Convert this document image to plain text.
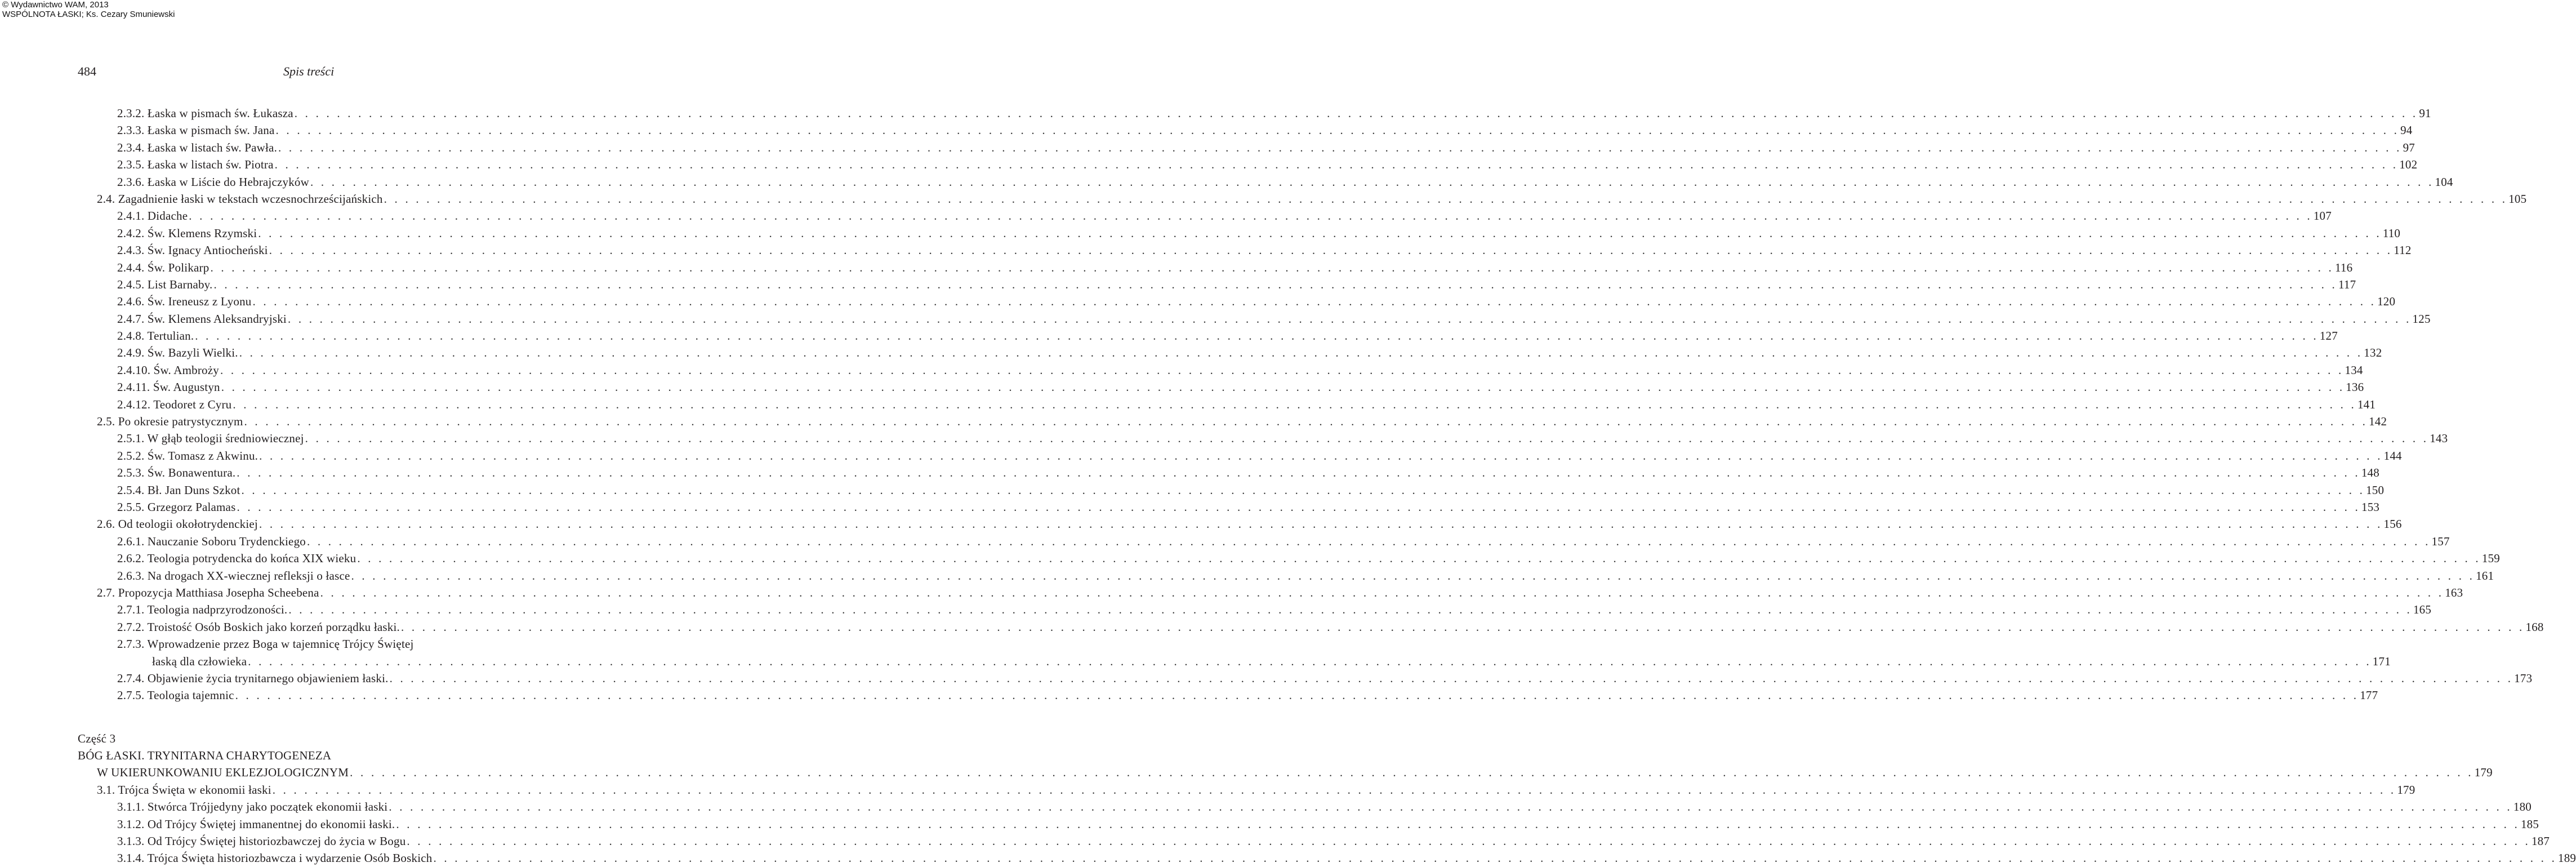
© Wydawnictwo WAM, 2013
WSPÓLNOTA ŁASKI; Ks. Cezary Smuniewski
484	Spis treści
2.3.2. Łaska w pismach św. Łukasza . . . . . . . . . . . . . . . . . . . . . . . . . . . . . . . . . . . . . . . . . . . . . . . . . . . . . . . . . . . . . . . . . . . . . . . . . . . . . . . . . . . . . . . . . . . . . . . . . . . . . . . . . . . . . . . . . . . . . . . . . . . . . . . . . . . . . . . . . . . . . . . . . . . . . . . . . . . . . . . . . . . . . . . . . . . . . . . . . . . . . . . . . . . . . . . . . . . . . . . . 91
2.3.3. Łaska w pismach św. Jana . . . . . . . . . . . . . . . . . . . . . . . . . . . . . . . . . . . . . . . . . . . . . . . . . . . . . . . . . . . . . . . . . . . . . . . . . . . . . . . . . . . . . . . . . . . . . . . . . . . . . . . . . . . . . . . . . . . . . . . . . . . . . . . . . . . . . . . . . . . . . . . . . . . . . . . . . . . . . . . . . . . . . . . . . . . . . . . . . . . . . . . . . . . . . . . . . . . . . . . . 94
2.3.4. Łaska w listach św. Pawła. . . . . . . . . . . . . . . . . . . . . . . . . . . . . . . . . . . . . . . . . . . . . . . . . . . . . . . . . . . . . . . . . . . . . . . . . . . . . . . . . . . . . . . . . . . . . . . . . . . . . . . . . . . . . . . . . . . . . . . . . . . . . . . . . . . . . . . . . . . . . . . . . . . . . . . . . . . . . . . . . . . . . . . . . . . . . . . . . . . . . . . . . . . . . . . . . . . . . . . . . 97
2.3.5. Łaska w listach św. Piotra . . . . . . . . . . . . . . . . . . . . . . . . . . . . . . . . . . . . . . . . . . . . . . . . . . . . . . . . . . . . . . . . . . . . . . . . . . . . . . . . . . . . . . . . . . . . . . . . . . . . . . . . . . . . . . . . . . . . . . . . . . . . . . . . . . . . . . . . . . . . . . . . . . . . . . . . . . . . . . . . . . . . . . . . . . . . . . . . . . . . . . . . . . . . . . . . . . . . . . . . 102
2.3.6. Łaska w Liście do Hebrajczyków . . . . . . . . . . . . . . . . . . . . . . . . . . . . . . . . . . . . . . . . . . . . . . . . . . . . . . . . . . . . . . . . . . . . . . . . . . . . . . . . . . . . . . . . . . . . . . . . . . . . . . . . . . . . . . . . . . . . . . . . . . . . . . . . . . . . . . . . . . . . . . . . . . . . . . . . . . . . . . . . . . . . . . . . . . . . . . . . . . . . . . . . . . . . . . . . . . . . . . . . 104
2.4. Zagadnienie łaski w tekstach wczesnochrześcijańskich . . . . . . . . . . . . . . . . . . . . . . . . . . . . . . . . . . . . . . . . . . . . . . . . . . . . . . . . . . . . . . . . . . . . . . . . . . . . . . . . . . . . . . . . . . . . . . . . . . . . . . . . . . . . . . . . . . . . . . . . . . . . . . . . . . . . . . . . . . . . . . . . . . . . . . . . . . . . . . . . . . . . . . . . . . . . . . . . . . . . . . . . . . . . . . . . . . . . . . . . 105
2.4.1. Didache . . . . . . . . . . . . . . . . . . . . . . . . . . . . . . . . . . . . . . . . . . . . . . . . . . . . . . . . . . . . . . . . . . . . . . . . . . . . . . . . . . . . . . . . . . . . . . . . . . . . . . . . . . . . . . . . . . . . . . . . . . . . . . . . . . . . . . . . . . . . . . . . . . . . . . . . . . . . . . . . . . . . . . . . . . . . . . . . . . . . . . . . . . . . . . . . . . . . . . . . 107
2.4.2. Św. Klemens Rzymski . . . . . . . . . . . . . . . . . . . . . . . . . . . . . . . . . . . . . . . . . . . . . . . . . . . . . . . . . . . . . . . . . . . . . . . . . . . . . . . . . . . . . . . . . . . . . . . . . . . . . . . . . . . . . . . . . . . . . . . . . . . . . . . . . . . . . . . . . . . . . . . . . . . . . . . . . . . . . . . . . . . . . . . . . . . . . . . . . . . . . . . . . . . . . . . . . . . . . . . . 110
2.4.3. Św. Ignacy Antiocheński . . . . . . . . . . . . . . . . . . . . . . . . . . . . . . . . . . . . . . . . . . . . . . . . . . . . . . . . . . . . . . . . . . . . . . . . . . . . . . . . . . . . . . . . . . . . . . . . . . . . . . . . . . . . . . . . . . . . . . . . . . . . . . . . . . . . . . . . . . . . . . . . . . . . . . . . . . . . . . . . . . . . . . . . . . . . . . . . . . . . . . . . . . . . . . . . . . . . . . . . 112
2.4.4. Św. Polikarp . . . . . . . . . . . . . . . . . . . . . . . . . . . . . . . . . . . . . . . . . . . . . . . . . . . . . . . . . . . . . . . . . . . . . . . . . . . . . . . . . . . . . . . . . . . . . . . . . . . . . . . . . . . . . . . . . . . . . . . . . . . . . . . . . . . . . . . . . . . . . . . . . . . . . . . . . . . . . . . . . . . . . . . . . . . . . . . . . . . . . . . . . . . . . . . . . . . . . . . . 116
2.4.5. List Barnaby. . . . . . . . . . . . . . . . . . . . . . . . . . . . . . . . . . . . . . . . . . . . . . . . . . . . . . . . . . . . . . . . . . . . . . . . . . . . . . . . . . . . . . . . . . . . . . . . . . . . . . . . . . . . . . . . . . . . . . . . . . . . . . . . . . . . . . . . . . . . . . . . . . . . . . . . . . . . . . . . . . . . . . . . . . . . . . . . . . . . . . . . . . . . . . . . . . . . . . . . . 117
2.4.6. Św. Ireneusz z Lyonu . . . . . . . . . . . . . . . . . . . . . . . . . . . . . . . . . . . . . . . . . . . . . . . . . . . . . . . . . . . . . . . . . . . . . . . . . . . . . . . . . . . . . . . . . . . . . . . . . . . . . . . . . . . . . . . . . . . . . . . . . . . . . . . . . . . . . . . . . . . . . . . . . . . . . . . . . . . . . . . . . . . . . . . . . . . . . . . . . . . . . . . . . . . . . . . . . . . . . . . . 120
2.4.7. Św. Klemens Aleksandryjski . . . . . . . . . . . . . . . . . . . . . . . . . . . . . . . . . . . . . . . . . . . . . . . . . . . . . . . . . . . . . . . . . . . . . . . . . . . . . . . . . . . . . . . . . . . . . . . . . . . . . . . . . . . . . . . . . . . . . . . . . . . . . . . . . . . . . . . . . . . . . . . . . . . . . . . . . . . . . . . . . . . . . . . . . . . . . . . . . . . . . . . . . . . . . . . . . . . . . . . . 125
2.4.8. Tertulian. . . . . . . . . . . . . . . . . . . . . . . . . . . . . . . . . . . . . . . . . . . . . . . . . . . . . . . . . . . . . . . . . . . . . . . . . . . . . . . . . . . . . . . . . . . . . . . . . . . . . . . . . . . . . . . . . . . . . . . . . . . . . . . . . . . . . . . . . . . . . . . . . . . . . . . . . . . . . . . . . . . . . . . . . . . . . . . . . . . . . . . . . . . . . . . . . . . . . . . . . 127
2.4.9. Św. Bazyli Wielki. . . . . . . . . . . . . . . . . . . . . . . . . . . . . . . . . . . . . . . . . . . . . . . . . . . . . . . . . . . . . . . . . . . . . . . . . . . . . . . . . . . . . . . . . . . . . . . . . . . . . . . . . . . . . . . . . . . . . . . . . . . . . . . . . . . . . . . . . . . . . . . . . . . . . . . . . . . . . . . . . . . . . . . . . . . . . . . . . . . . . . . . . . . . . . . . . . . . . . . . . 132
2.4.10. Św. Ambroży . . . . . . . . . . . . . . . . . . . . . . . . . . . . . . . . . . . . . . . . . . . . . . . . . . . . . . . . . . . . . . . . . . . . . . . . . . . . . . . . . . . . . . . . . . . . . . . . . . . . . . . . . . . . . . . . . . . . . . . . . . . . . . . . . . . . . . . . . . . . . . . . . . . . . . . . . . . . . . . . . . . . . . . . . . . . . . . . . . . . . . . . . . . . . . . . . . . . . . . . 134
2.4.11. Św. Augustyn . . . . . . . . . . . . . . . . . . . . . . . . . . . . . . . . . . . . . . . . . . . . . . . . . . . . . . . . . . . . . . . . . . . . . . . . . . . . . . . . . . . . . . . . . . . . . . . . . . . . . . . . . . . . . . . . . . . . . . . . . . . . . . . . . . . . . . . . . . . . . . . . . . . . . . . . . . . . . . . . . . . . . . . . . . . . . . . . . . . . . . . . . . . . . . . . . . . . . . . . 136
2.4.12. Teodoret z Cyru . . . . . . . . . . . . . . . . . . . . . . . . . . . . . . . . . . . . . . . . . . . . . . . . . . . . . . . . . . . . . . . . . . . . . . . . . . . . . . . . . . . . . . . . . . . . . . . . . . . . . . . . . . . . . . . . . . . . . . . . . . . . . . . . . . . . . . . . . . . . . . . . . . . . . . . . . . . . . . . . . . . . . . . . . . . . . . . . . . . . . . . . . . . . . . . . . . . . . . . . 141
2.5. Po okresie patrystycznym . . . . . . . . . . . . . . . . . . . . . . . . . . . . . . . . . . . . . . . . . . . . . . . . . . . . . . . . . . . . . . . . . . . . . . . . . . . . . . . . . . . . . . . . . . . . . . . . . . . . . . . . . . . . . . . . . . . . . . . . . . . . . . . . . . . . . . . . . . . . . . . . . . . . . . . . . . . . . . . . . . . . . . . . . . . . . . . . . . . . . . . . . . . . . . . . . . . . . . . . 142
2.5.1. W głąb teologii średniowiecznej . . . . . . . . . . . . . . . . . . . . . . . . . . . . . . . . . . . . . . . . . . . . . . . . . . . . . . . . . . . . . . . . . . . . . . . . . . . . . . . . . . . . . . . . . . . . . . . . . . . . . . . . . . . . . . . . . . . . . . . . . . . . . . . . . . . . . . . . . . . . . . . . . . . . . . . . . . . . . . . . . . . . . . . . . . . . . . . . . . . . . . . . . . . . . . . . . . . . . . . . 143
2.5.2. Św. Tomasz z Akwinu. . . . . . . . . . . . . . . . . . . . . . . . . . . . . . . . . . . . . . . . . . . . . . . . . . . . . . . . . . . . . . . . . . . . . . . . . . . . . . . . . . . . . . . . . . . . . . . . . . . . . . . . . . . . . . . . . . . . . . . . . . . . . . . . . . . . . . . . . . . . . . . . . . . . . . . . . . . . . . . . . . . . . . . . . . . . . . . . . . . . . . . . . . . . . . . . . . . . . . . . . 144
2.5.3. Św. Bonawentura. . . . . . . . . . . . . . . . . . . . . . . . . . . . . . . . . . . . . . . . . . . . . . . . . . . . . . . . . . . . . . . . . . . . . . . . . . . . . . . . . . . . . . . . . . . . . . . . . . . . . . . . . . . . . . . . . . . . . . . . . . . . . . . . . . . . . . . . . . . . . . . . . . . . . . . . . . . . . . . . . . . . . . . . . . . . . . . . . . . . . . . . . . . . . . . . . . . . . . . . . 148
2.5.4. Bł. Jan Duns Szkot . . . . . . . . . . . . . . . . . . . . . . . . . . . . . . . . . . . . . . . . . . . . . . . . . . . . . . . . . . . . . . . . . . . . . . . . . . . . . . . . . . . . . . . . . . . . . . . . . . . . . . . . . . . . . . . . . . . . . . . . . . . . . . . . . . . . . . . . . . . . . . . . . . . . . . . . . . . . . . . . . . . . . . . . . . . . . . . . . . . . . . . . . . . . . . . . . . . . . . . . 150
2.5.5. Grzegorz Palamas . . . . . . . . . . . . . . . . . . . . . . . . . . . . . . . . . . . . . . . . . . . . . . . . . . . . . . . . . . . . . . . . . . . . . . . . . . . . . . . . . . . . . . . . . . . . . . . . . . . . . . . . . . . . . . . . . . . . . . . . . . . . . . . . . . . . . . . . . . . . . . . . . . . . . . . . . . . . . . . . . . . . . . . . . . . . . . . . . . . . . . . . . . . . . . . . . . . . . . . . 153
2.6. Od teologii okołotrydenckiej . . . . . . . . . . . . . . . . . . . . . . . . . . . . . . . . . . . . . . . . . . . . . . . . . . . . . . . . . . . . . . . . . . . . . . . . . . . . . . . . . . . . . . . . . . . . . . . . . . . . . . . . . . . . . . . . . . . . . . . . . . . . . . . . . . . . . . . . . . . . . . . . . . . . . . . . . . . . . . . . . . . . . . . . . . . . . . . . . . . . . . . . . . . . . . . . . . . . . . . . 156
2.6.1. Nauczanie Soboru Trydenckiego . . . . . . . . . . . . . . . . . . . . . . . . . . . . . . . . . . . . . . . . . . . . . . . . . . . . . . . . . . . . . . . . . . . . . . . . . . . . . . . . . . . . . . . . . . . . . . . . . . . . . . . . . . . . . . . . . . . . . . . . . . . . . . . . . . . . . . . . . . . . . . . . . . . . . . . . . . . . . . . . . . . . . . . . . . . . . . . . . . . . . . . . . . . . . . . . . . . . . . . . 157
2.6.2. Teologia potrydencka do końca XIX wieku . . . . . . . . . . . . . . . . . . . . . . . . . . . . . . . . . . . . . . . . . . . . . . . . . . . . . . . . . . . . . . . . . . . . . . . . . . . . . . . . . . . . . . . . . . . . . . . . . . . . . . . . . . . . . . . . . . . . . . . . . . . . . . . . . . . . . . . . . . . . . . . . . . . . . . . . . . . . . . . . . . . . . . . . . . . . . . . . . . . . . . . . . . . . . . . . . . . . . . . . 159
2.6.3. Na drogach XX-wiecznej refleksji o łasce . . . . . . . . . . . . . . . . . . . . . . . . . . . . . . . . . . . . . . . . . . . . . . . . . . . . . . . . . . . . . . . . . . . . . . . . . . . . . . . . . . . . . . . . . . . . . . . . . . . . . . . . . . . . . . . . . . . . . . . . . . . . . . . . . . . . . . . . . . . . . . . . . . . . . . . . . . . . . . . . . . . . . . . . . . . . . . . . . . . . . . . . . . . . . . . . . . . . . . . . 161
2.7. Propozycja Matthiasa Josepha Scheebena . . . . . . . . . . . . . . . . . . . . . . . . . . . . . . . . . . . . . . . . . . . . . . . . . . . . . . . . . . . . . . . . . . . . . . . . . . . . . . . . . . . . . . . . . . . . . . . . . . . . . . . . . . . . . . . . . . . . . . . . . . . . . . . . . . . . . . . . . . . . . . . . . . . . . . . . . . . . . . . . . . . . . . . . . . . . . . . . . . . . . . . . . . . . . . . . . . . . . . . . 163
2.7.1. Teologia nadprzyrodzoności. . . . . . . . . . . . . . . . . . . . . . . . . . . . . . . . . . . . . . . . . . . . . . . . . . . . . . . . . . . . . . . . . . . . . . . . . . . . . . . . . . . . . . . . . . . . . . . . . . . . . . . . . . . . . . . . . . . . . . . . . . . . . . . . . . . . . . . . . . . . . . . . . . . . . . . . . . . . . . . . . . . . . . . . . . . . . . . . . . . . . . . . . . . . . . . . . . . . . . . . . 165
2.7.2. Troistość Osób Boskich jako korzeń porządku łaski. . . . . . . . . . . . . . . . . . . . . . . . . . . . . . . . . . . . . . . . . . . . . . . . . . . . . . . . . . . . . . . . . . . . . . . . . . . . . . . . . . . . . . . . . . . . . . . . . . . . . . . . . . . . . . . . . . . . . . . . . . . . . . . . . . . . . . . . . . . . . . . . . . . . . . . . . . . . . . . . . . . . . . . . . . . . . . . . . . . . . . . . . . . . . . . . . . . . . . . . . 168
2.7.3. Wprowadzenie przez Boga w tajemnicę Trójcy Świętej
łaską dla człowieka . . . . . . . . . . . . . . . . . . . . . . . . . . . . . . . . . . . . . . . . . . . . . . . . . . . . . . . . . . . . . . . . . . . . . . . . . . . . . . . . . . . . . . . . . . . . . . . . . . . . . . . . . . . . . . . . . . . . . . . . . . . . . . . . . . . . . . . . . . . . . . . . . . . . . . . . . . . . . . . . . . . . . . . . . . . . . . . . . . . . . . . . . . . . . . . . . . . . . . . . 171
2.7.4. Objawienie życia trynitarnego objawieniem łaski. . . . . . . . . . . . . . . . . . . . . . . . . . . . . . . . . . . . . . . . . . . . . . . . . . . . . . . . . . . . . . . . . . . . . . . . . . . . . . . . . . . . . . . . . . . . . . . . . . . . . . . . . . . . . . . . . . . . . . . . . . . . . . . . . . . . . . . . . . . . . . . . . . . . . . . . . . . . . . . . . . . . . . . . . . . . . . . . . . . . . . . . . . . . . . . . . . . . . . . . . 173
2.7.5. Teologia tajemnic . . . . . . . . . . . . . . . . . . . . . . . . . . . . . . . . . . . . . . . . . . . . . . . . . . . . . . . . . . . . . . . . . . . . . . . . . . . . . . . . . . . . . . . . . . . . . . . . . . . . . . . . . . . . . . . . . . . . . . . . . . . . . . . . . . . . . . . . . . . . . . . . . . . . . . . . . . . . . . . . . . . . . . . . . . . . . . . . . . . . . . . . . . . . . . . . . . . . . . . . 177
Część 3
BÓG ŁASKI. TRYNITARNA CHARYTOGENEZA
W UKIERUNKOWANIU EKLEZJOLOGICZNYM . . . . . . . . . . . . . . . . . . . . . . . . . . . . . . . . . . . . . . . . . . . . . . . . . . . . . . . . . . . . . . . . . . . . . . . . . . . . . . . . . . . . . . . . . . . . . . . . . . . . . . . . . . . . . . . . . . . . . . . . . . . . . . . . . . . . . . . . . . . . . . . . . . . . . . . . . . . . . . . . . . . . . . . . . . . . . . . . . . . . . . . . . . . . . . . . . . . . . . . . 179
3.1. Trójca Święta w ekonomii łaski . . . . . . . . . . . . . . . . . . . . . . . . . . . . . . . . . . . . . . . . . . . . . . . . . . . . . . . . . . . . . . . . . . . . . . . . . . . . . . . . . . . . . . . . . . . . . . . . . . . . . . . . . . . . . . . . . . . . . . . . . . . . . . . . . . . . . . . . . . . . . . . . . . . . . . . . . . . . . . . . . . . . . . . . . . . . . . . . . . . . . . . . . . . . . . . . . . . . . . . . 179
3.1.1. Stwórca Trójjedyny jako początek ekonomii łaski . . . . . . . . . . . . . . . . . . . . . . . . . . . . . . . . . . . . . . . . . . . . . . . . . . . . . . . . . . . . . . . . . . . . . . . . . . . . . . . . . . . . . . . . . . . . . . . . . . . . . . . . . . . . . . . . . . . . . . . . . . . . . . . . . . . . . . . . . . . . . . . . . . . . . . . . . . . . . . . . . . . . . . . . . . . . . . . . . . . . . . . . . . . . . . . . . . . . . . . . 180
3.1.2. Od Trójcy Świętej immanentnej do ekonomii łaski. . . . . . . . . . . . . . . . . . . . . . . . . . . . . . . . . . . . . . . . . . . . . . . . . . . . . . . . . . . . . . . . . . . . . . . . . . . . . . . . . . . . . . . . . . . . . . . . . . . . . . . . . . . . . . . . . . . . . . . . . . . . . . . . . . . . . . . . . . . . . . . . . . . . . . . . . . . . . . . . . . . . . . . . . . . . . . . . . . . . . . . . . . . . . . . . . . . . . . . . . 185
3.1.3. Od Trójcy Świętej historiozbawczej do życia w Bogu . . . . . . . . . . . . . . . . . . . . . . . . . . . . . . . . . . . . . . . . . . . . . . . . . . . . . . . . . . . . . . . . . . . . . . . . . . . . . . . . . . . . . . . . . . . . . . . . . . . . . . . . . . . . . . . . . . . . . . . . . . . . . . . . . . . . . . . . . . . . . . . . . . . . . . . . . . . . . . . . . . . . . . . . . . . . . . . . . . . . . . . . . . . . . . . . . . . . . . . . 187
3.1.4. Trójca Święta historiozbawcza i wydarzenie Osób Boskich . . . . . . . . . . . . . . . . . . . . . . . . . . . . . . . . . . . . . . . . . . . . . . . . . . . . . . . . . . . . . . . . . . . . . . . . . . . . . . . . . . . . . . . . . . . . . . . . . . . . . . . . . . . . . . . . . . . . . . . . . . . . . . . . . . . . . . . . . . . . . . . . . . . . . . . . . . . . . . . . . . . . . . . . . . . . . . . . . . . . . . . . . . . . . . . . . . . . . . . . 189
